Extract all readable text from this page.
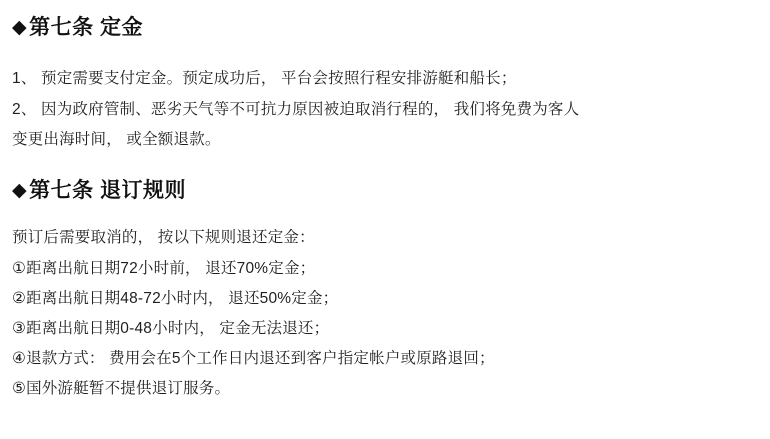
◆ 第七条 定金
1、 预定需要支付定金。预定成功后， 平台会按照行程安排游艇和船长；
2、 因为政府管制、恶劣天气等不可抗力原因被迫取消行程的， 我们将免费为客人
变更出海时间， 或全额退款。
◆ 第七条 退订规则
预订后需要取消的， 按以下规则退还定金：
①距离出航日期72小时前， 退还70%定金；
②距离出航日期48-72小时内， 退还50%定金；
③距离出航日期0-48小时内， 定金无法退还；
④退款方式： 费用会在5个工作日内退还到客户指定帐户或原路退回；
⑤国外游艇暂不提供退订服务。
